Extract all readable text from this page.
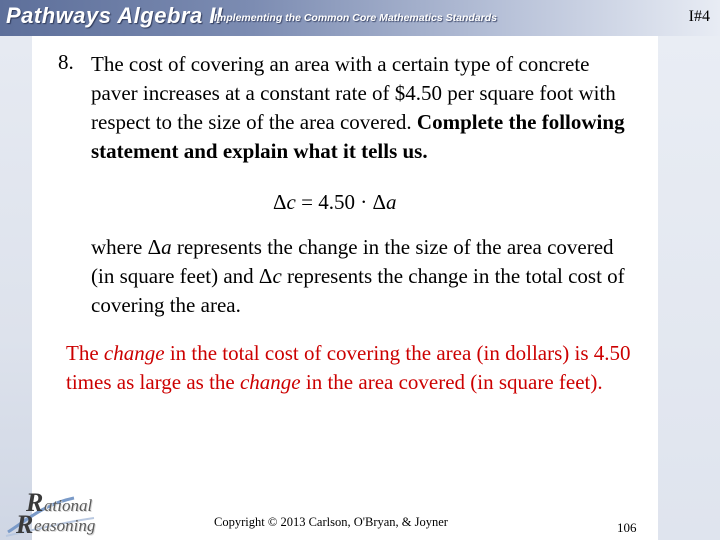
Pathways Algebra II
Implementing the Common Core Mathematics Standards	I#4
8. The cost of covering an area with a certain type of concrete paver increases at a constant rate of $4.50 per square foot with respect to the size of the area covered. Complete the following statement and explain what it tells us.
Δc = 4.50 · Δa
where Δa represents the change in the size of the area covered (in square feet) and Δc represents the change in the total cost of covering the area.
The change in the total cost of covering the area (in dollars) is 4.50 times as large as the change in the area covered (in square feet).
R ational
R easoning	Copyright © 2013 Carlson, O'Bryan, & Joyner	106
